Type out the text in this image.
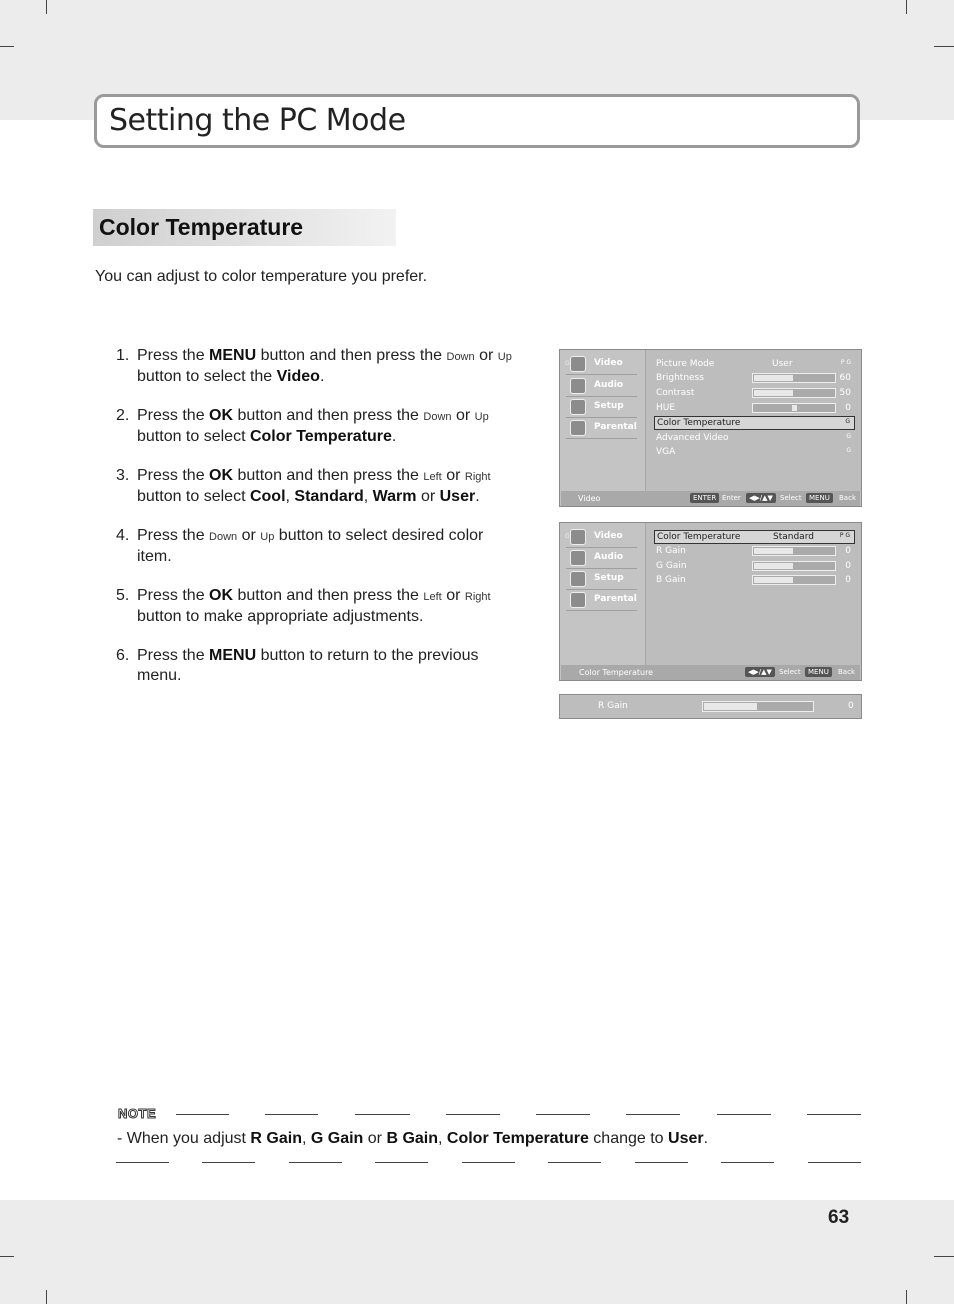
Setting the PC Mode
Color Temperature

You can adjust to color temperature you prefer.

1. Press the MENU button and then press the Down or Up button to select the Video.
2. Press the OK button and then press the Down or Up button to select Color Temperature.
3. Press the OK button and then press the Left or Right button to select Cool, Standard, Warm or User.
4. Press the Down or Up button to select desired color item.
5. Press the OK button and then press the Left or Right button to make appropriate adjustments.
6. Press the MENU button to return to the previous menu.
G	Video
Audio
Setup
Parental
Picture Mode	User	P G
Brightness	60
Contrast	50
HUE	0
Color Temperature	G
Advanced Video	G
VGA	G
Video	ENTER Enter	◀▶/▲▼	Select	MENU	Back
G	Video
Audio
Setup
Parental
Color Temperature	Standard	P G
R Gain	0
G Gain	0
B Gain	0
Color Temperature	◀▶/▲▼	Select	MENU	Back
R Gain	0
NOTE

- When you adjust R Gain, G Gain or B Gain, Color Temperature change to User.

63
